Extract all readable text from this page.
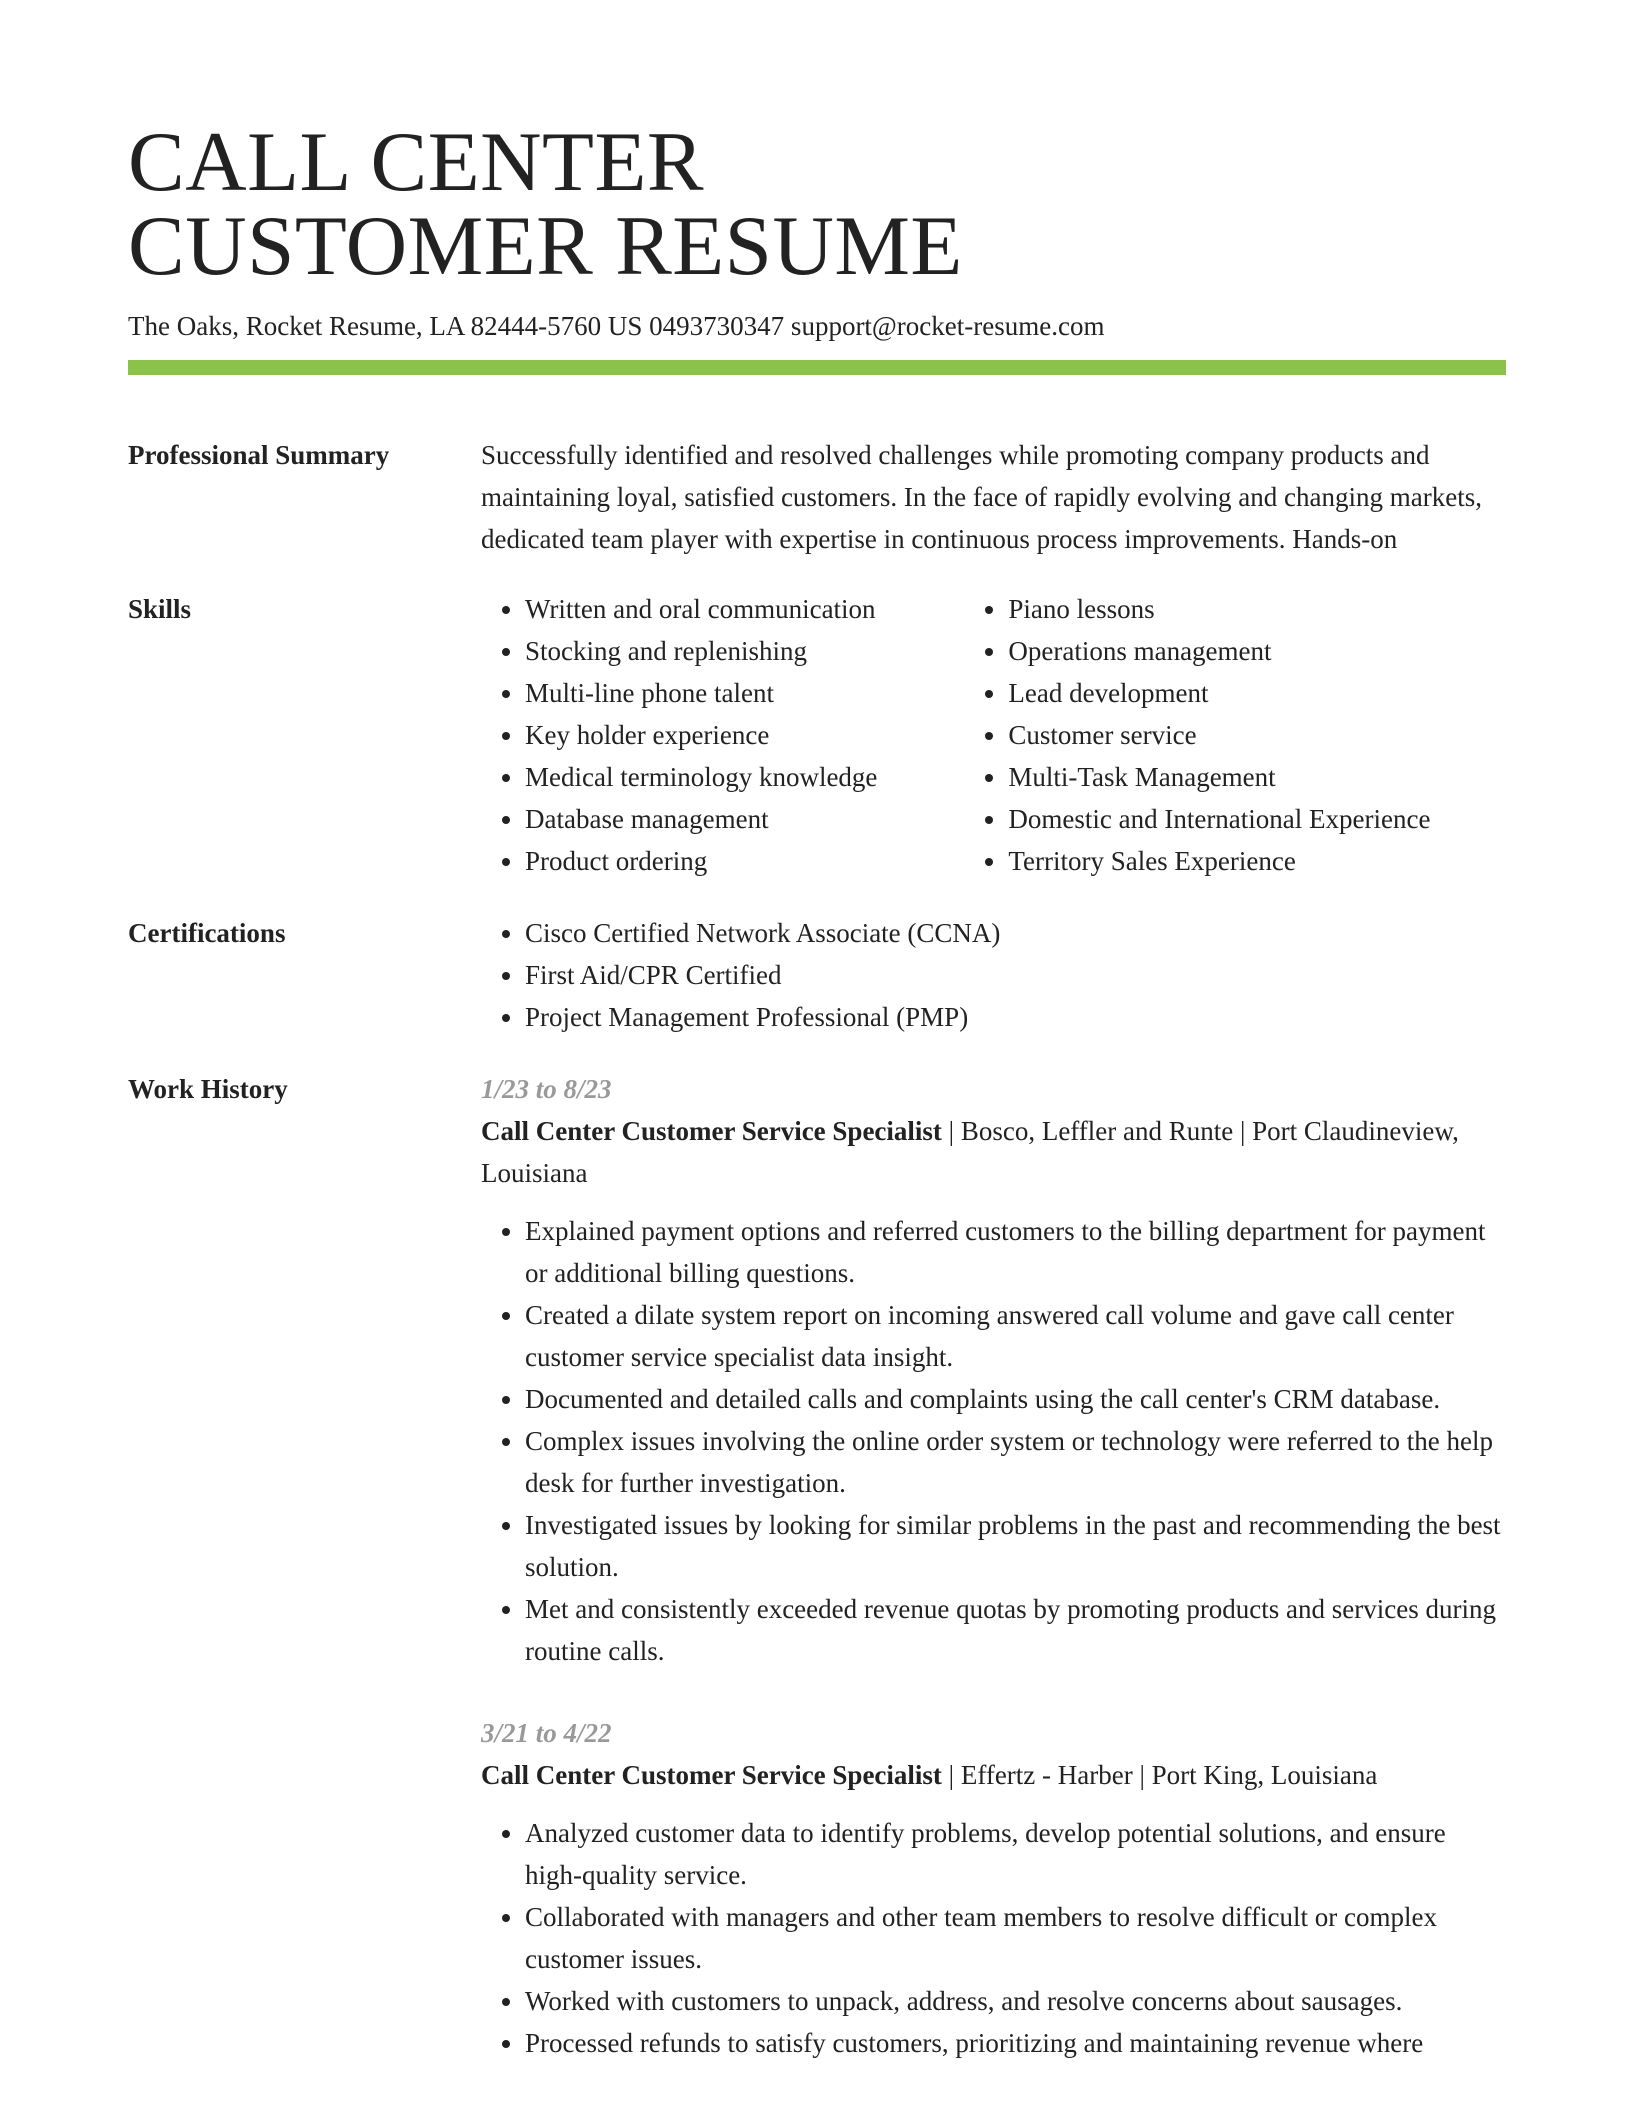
CALL CENTER
CUSTOMER RESUME
The Oaks, Rocket Resume, LA 82444-5760 US 0493730347 support@rocket-resume.com
Professional Summary	Successfully identified and resolved challenges while promoting company products and maintaining loyal, satisfied customers. In the face of rapidly evolving and changing markets, dedicated team player with expertise in continuous process improvements. Hands-on

Skills	• Written and oral communication
• Stocking and replenishing
• Multi-line phone talent
• Key holder experience
• Medical terminology knowledge
• Database management
• Product ordering
• Piano lessons
• Operations management
• Lead development
• Customer service
• Multi-Task Management
• Domestic and International Experience
• Territory Sales Experience
Certifications	• Cisco Certified Network Associate (CCNA)
• First Aid/CPR Certified
• Project Management Professional (PMP)
Work History	1/23 to 8/23
Call Center Customer Service Specialist | Bosco, Leffler and Runte | Port Claudineview, Louisiana
• Explained payment options and referred customers to the billing department for payment or additional billing questions.
• Created a dilate system report on incoming answered call volume and gave call center customer service specialist data insight.
• Documented and detailed calls and complaints using the call center's CRM database.
• Complex issues involving the online order system or technology were referred to the help desk for further investigation.
• Investigated issues by looking for similar problems in the past and recommending the best solution.
• Met and consistently exceeded revenue quotas by promoting products and services during routine calls.
3/21 to 4/22
Call Center Customer Service Specialist | Effertz - Harber | Port King, Louisiana
• Analyzed customer data to identify problems, develop potential solutions, and ensure high-quality service.
• Collaborated with managers and other team members to resolve difficult or complex customer issues.
• Worked with customers to unpack, address, and resolve concerns about sausages.
• Processed refunds to satisfy customers, prioritizing and maintaining revenue where
